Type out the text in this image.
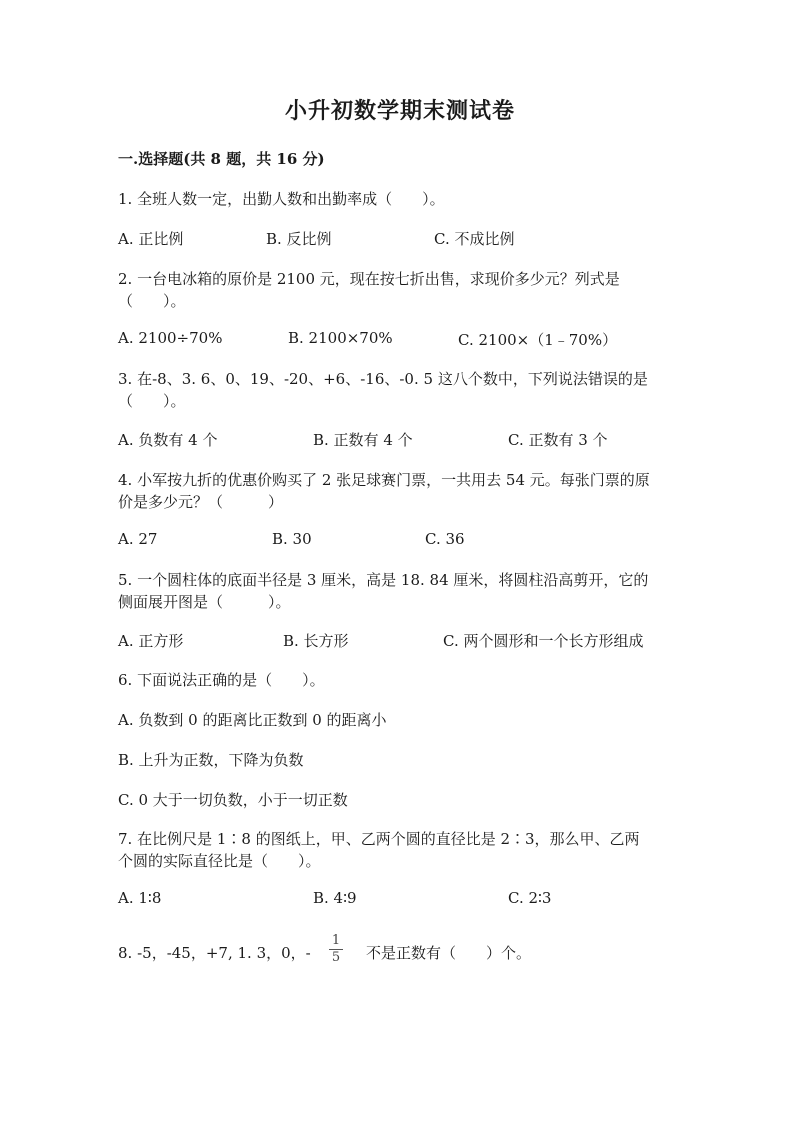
小升初数学期末测试卷
一.选择题(共 8 题，共 16 分)
1. 全班人数一定，出勤人数和出勤率成（　　）。
A. 正比例	B. 反比例	C. 不成比例
2. 一台电冰箱的原价是 2100 元，现在按七折出售，求现价多少元？列式是
（　　）。
A. 2100÷70%	B. 2100×70%	C. 2100×（1﹣70%）
3. 在-8、3. 6、0、19、-20、+6、-16、-0. 5 这八个数中，下列说法错误的是
（　　）。
A. 负数有 4 个	B. 正数有 4 个	C. 正数有 3 个
4. 小军按九折的优惠价购买了 2 张足球赛门票，一共用去 54 元。每张门票的原
价是多少元？（　　　）
A. 27	B. 30	C. 36
5. 一个圆柱体的底面半径是 3 厘米，高是 18. 84 厘米，将圆柱沿高剪开，它的
侧面展开图是（　　　）。
A. 正方形	B. 长方形	C. 两个圆形和一个长方形组成
6. 下面说法正确的是（　　）。
A. 负数到 0 的距离比正数到 0 的距离小
B. 上升为正数，下降为负数
C. 0 大于一切负数，小于一切正数
7. 在比例尺是 1∶8 的图纸上，甲、乙两个圆的直径比是 2∶3，那么甲、乙两
个圆的实际直径比是（　　）。
A. 1∶8	B. 4∶9	C. 2∶3
8. -5，-45，+7, 1. 3，0，-
1
5	不是正数有（　　）个。
